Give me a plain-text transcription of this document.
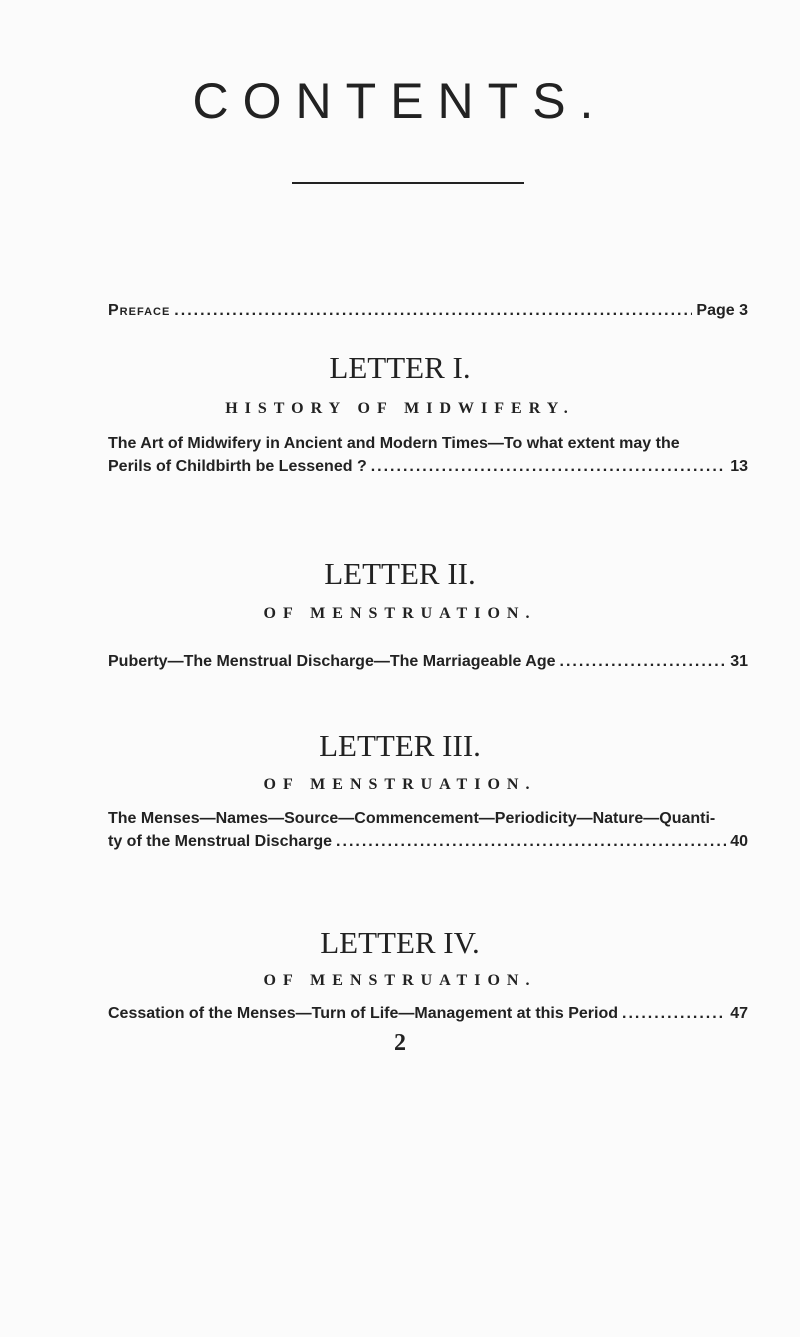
CONTENTS.
Preface .....	Page 3
LETTER I.
HISTORY OF MIDWIFERY.
The Art of Midwifery in Ancient and Modern Times—To what extent may the
Perils of Childbirth be Lessened ? .....	13
LETTER II.
OF MENSTRUATION.
Puberty—The Menstrual Discharge—The Marriageable Age .....	31
LETTER III.
OF MENSTRUATION.
The Menses—Names—Source—Commencement—Periodicity—Nature—Quanti-
ty of the Menstrual Discharge .....	40
LETTER IV.
OF MENSTRUATION.
Cessation of the Menses—Turn of Life—Management at this Period .....	47
2
